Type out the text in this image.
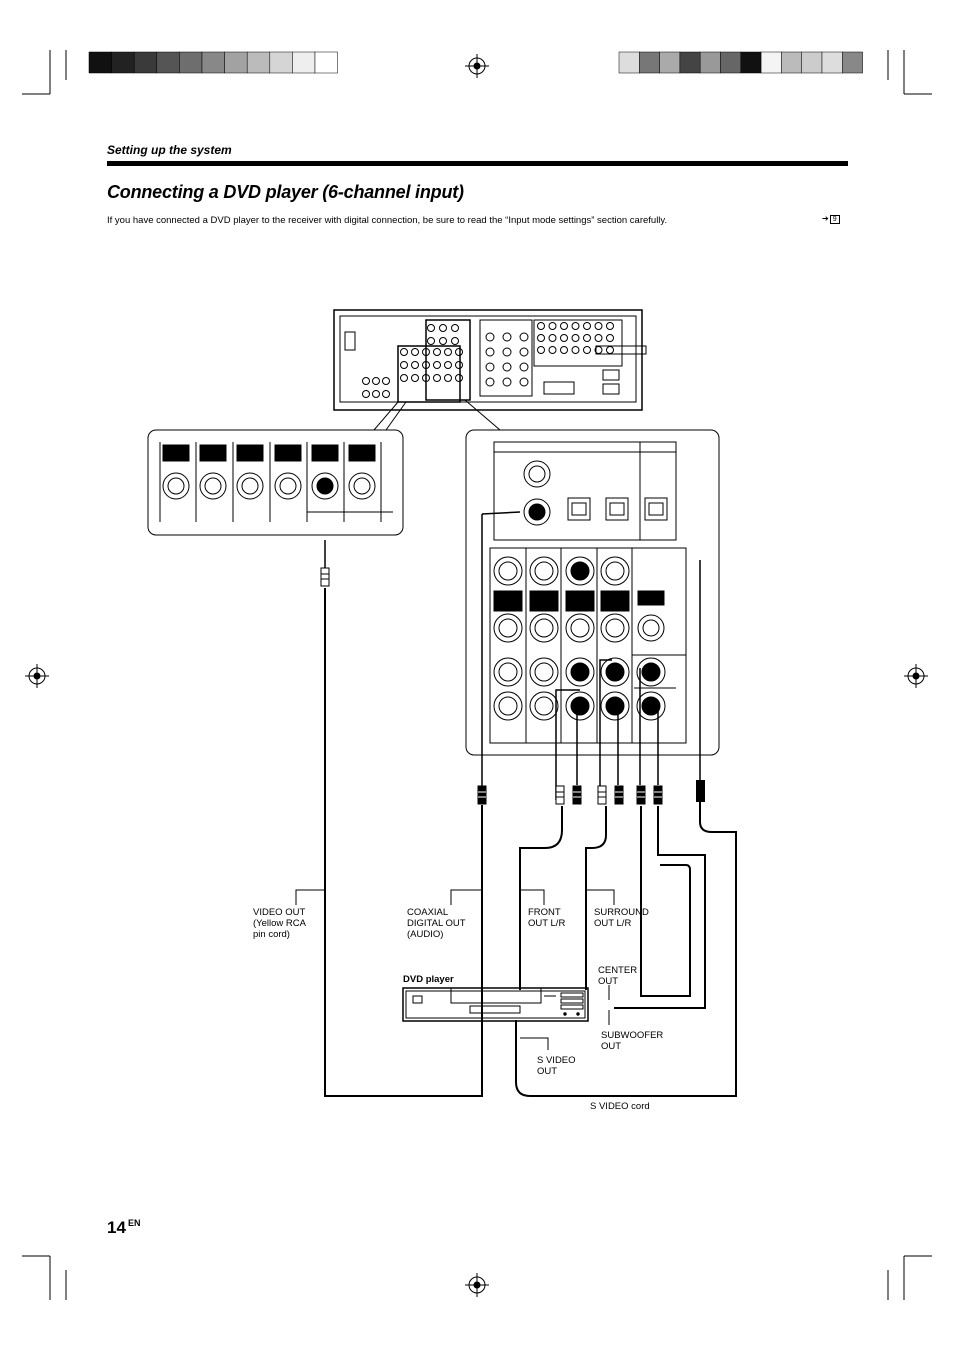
Setting up the system
Connecting a DVD player (6-channel input)
If you have connected a DVD player to the receiver with digital connection, be sure to read the “Input mode settings” section carefully.	➔ 9
VIDEO OUT
(Yellow RCA
pin cord)
COAXIAL
DIGITAL OUT
(AUDIO)
FRONT
OUT L/R
SURROUND
OUT L/R
DVD player
CENTER
OUT
SUBWOOFER
OUT
S VIDEO
OUT
S VIDEO cord
14 EN
